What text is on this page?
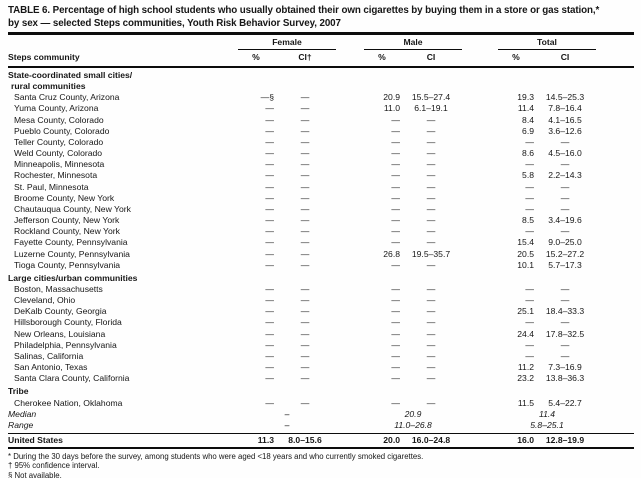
TABLE 6. Percentage of high school students who usually obtained their own cigarettes by buying them in a store or gas station,*
by sex — selected Steps communities, Youth Risk Behavior Survey, 2007
Female	Male	Total
Steps community	%	CI†	%	CI	%	CI
State-coordinated small cities/
rural communities
Santa Cruz County, Arizona	—§	—	20.9	15.5–27.4	19.3	14.5–25.3
Yuma County, Arizona	—	—	11.0	6.1–19.1	11.4	7.8–16.4
Mesa County, Colorado	—	—	—	—	8.4	4.1–16.5
Pueblo County, Colorado	—	—	—	—	6.9	3.6–12.6
Teller County, Colorado	—	—	—	—	—	—
Weld County, Colorado	—	—	—	—	8.6	4.5–16.0
Minneapolis, Minnesota	—	—	—	—	—	—
Rochester, Minnesota	—	—	—	—	5.8	2.2–14.3
St. Paul, Minnesota	—	—	—	—	—	—
Broome County, New York	—	—	—	—	—	—
Chautauqua County, New York	—	—	—	—	—	—
Jefferson County, New York	—	—	—	—	8.5	3.4–19.6
Rockland County, New York	—	—	—	—	—	—
Fayette County, Pennsylvania	—	—	—	—	15.4	9.0–25.0
Luzerne County, Pennsylvania	—	—	26.8	19.5–35.7	20.5	15.2–27.2
Tioga County, Pennsylvania	—	—	—	—	10.1	5.7–17.3
Large cities/urban communities
Boston, Massachusetts	—	—	—	—	—	—
Cleveland, Ohio	—	—	—	—	—	—
DeKalb County, Georgia	—	—	—	—	25.1	18.4–33.3
Hillsborough County, Florida	—	—	—	—	—	—
New Orleans, Louisiana	—	—	—	—	24.4	17.8–32.5
Philadelphia, Pennsylvania	—	—	—	—	—	—
Salinas, California	—	—	—	—	—	—
San Antonio, Texas	—	—	—	—	11.2	7.3–16.9
Santa Clara County, California	—	—	—	—	23.2	13.8–36.3
Tribe
Cherokee Nation, Oklahoma	—	—	—	—	11.5	5.4–22.7
Median	–	20.9	11.4
Range	–	11.0–26.8	5.8–25.1
United States	11.3	8.0–15.6	20.0	16.0–24.8	16.0	12.8–19.9
* During the 30 days before the survey, among students who were aged <18 years and who currently smoked cigarettes.
† 95% confidence interval.
§ Not available.
